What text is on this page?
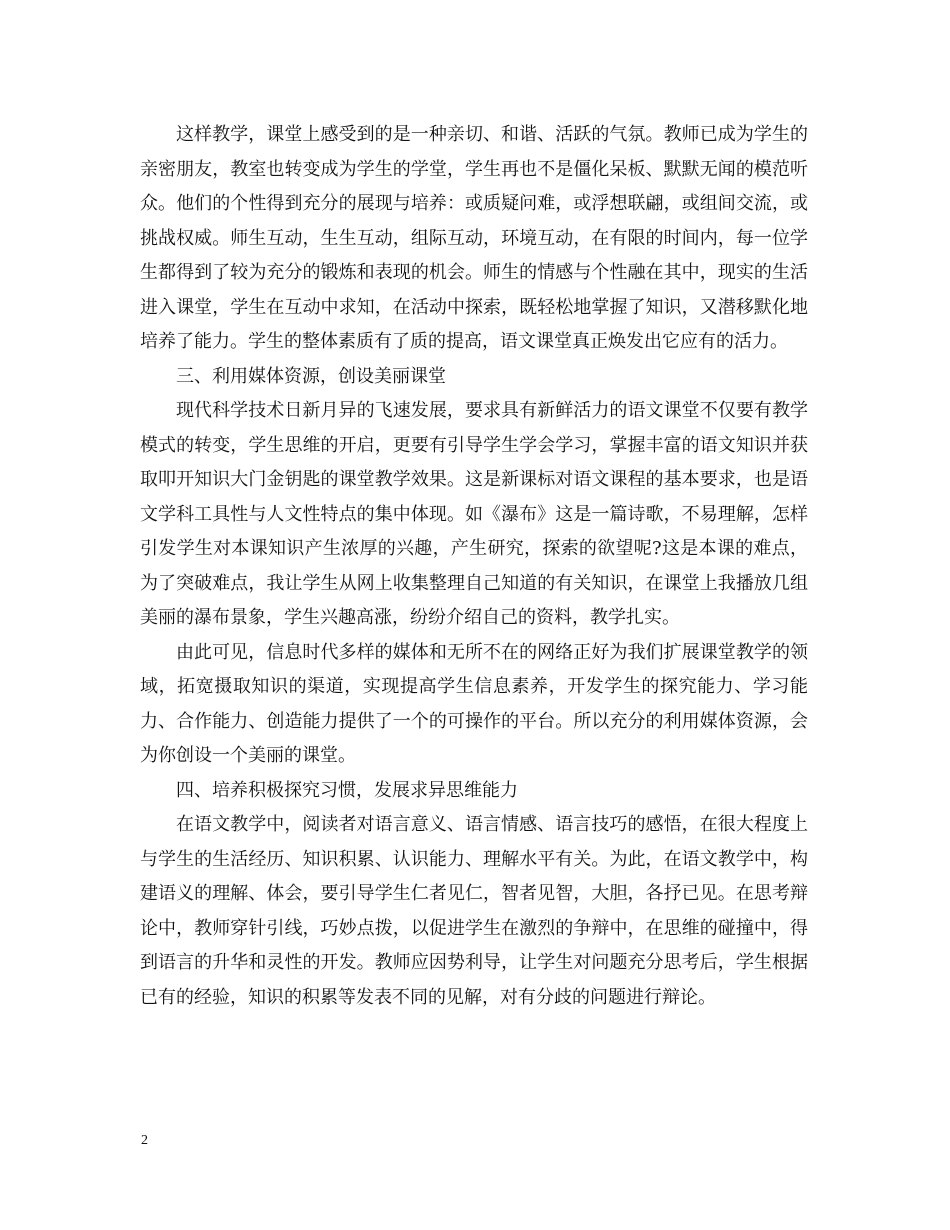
这样教学，课堂上感受到的是一种亲切、和谐、活跃的气氛。教师已成为学生的亲密朋友，教室也转变成为学生的学堂，学生再也不是僵化呆板、默默无闻的模范听众。他们的个性得到充分的展现与培养：或质疑问难，或浮想联翩，或组间交流，或挑战权威。师生互动，生生互动，组际互动，环境互动，在有限的时间内，每一位学生都得到了较为充分的锻炼和表现的机会。师生的情感与个性融在其中，现实的生活进入课堂，学生在互动中求知，在活动中探索，既轻松地掌握了知识，又潜移默化地培养了能力。学生的整体素质有了质的提高，语文课堂真正焕发出它应有的活力。

三、利用媒体资源，创设美丽课堂

现代科学技术日新月异的飞速发展，要求具有新鲜活力的语文课堂不仅要有教学模式的转变，学生思维的开启，更要有引导学生学会学习，掌握丰富的语文知识并获取叩开知识大门金钥匙的课堂教学效果。这是新课标对语文课程的基本要求，也是语文学科工具性与人文性特点的集中体现。如《瀑布》这是一篇诗歌，不易理解，怎样引发学生对本课知识产生浓厚的兴趣，产生研究，探索的欲望呢?这是本课的难点，为了突破难点，我让学生从网上收集整理自己知道的有关知识，在课堂上我播放几组美丽的瀑布景象，学生兴趣高涨，纷纷介绍自己的资料，教学扎实。

由此可见，信息时代多样的媒体和无所不在的网络正好为我们扩展课堂教学的领域，拓宽摄取知识的渠道，实现提高学生信息素养，开发学生的探究能力、学习能力、合作能力、创造能力提供了一个的可操作的平台。所以充分的利用媒体资源，会为你创设一个美丽的课堂。

四、培养积极探究习惯，发展求异思维能力

在语文教学中，阅读者对语言意义、语言情感、语言技巧的感悟，在很大程度上与学生的生活经历、知识积累、认识能力、理解水平有关。为此，在语文教学中，构建语义的理解、体会，要引导学生仁者见仁，智者见智，大胆，各抒已见。在思考辩论中，教师穿针引线，巧妙点拨，以促进学生在激烈的争辩中，在思维的碰撞中，得到语言的升华和灵性的开发。教师应因势利导，让学生对问题充分思考后，学生根据已有的经验，知识的积累等发表不同的见解，对有分歧的问题进行辩论。

2
